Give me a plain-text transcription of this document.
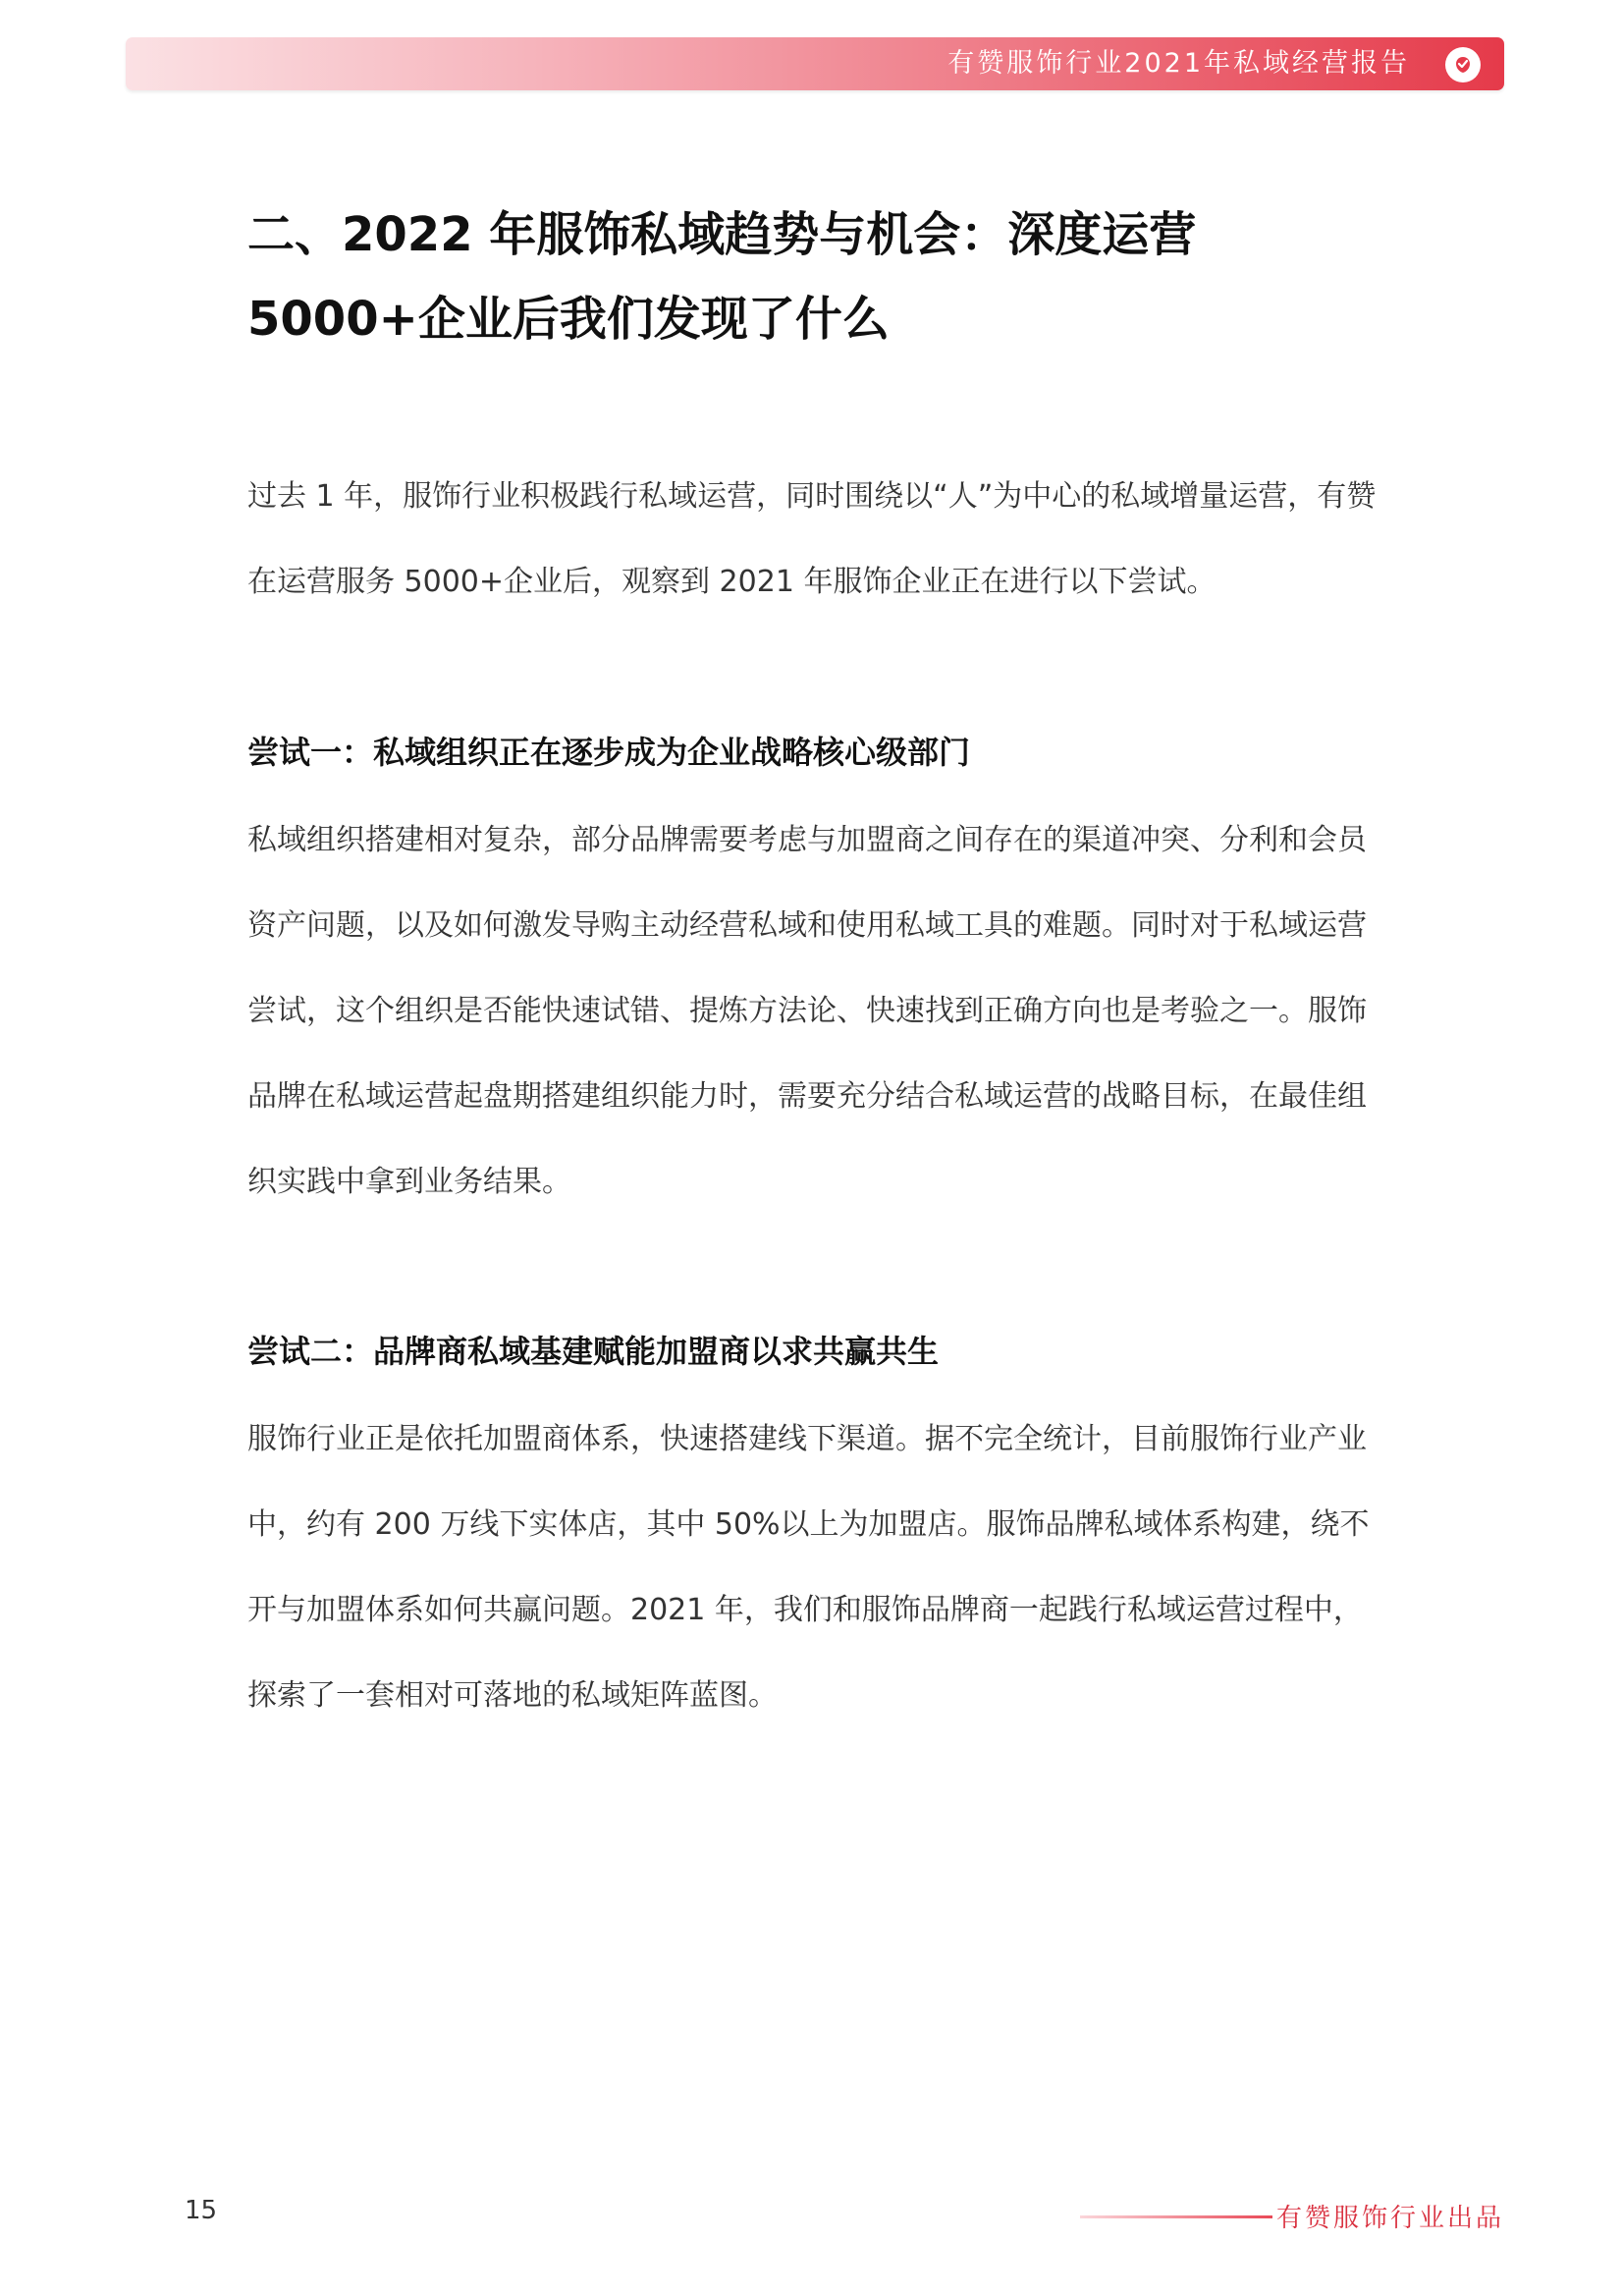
有赞服饰行业2021年私域经营报告
二、2022 年服饰私域趋势与机会：深度运营 5000+企业后我们发现了什么

过去 1 年，服饰行业积极践行私域运营，同时围绕以“人”为中心的私域增量运营，有赞在运营服务 5000+企业后，观察到 2021 年服饰企业正在进行以下尝试。

尝试一：私域组织正在逐步成为企业战略核心级部门

私域组织搭建相对复杂，部分品牌需要考虑与加盟商之间存在的渠道冲突、分利和会员资产问题，以及如何激发导购主动经营私域和使用私域工具的难题。同时对于私域运营尝试，这个组织是否能快速试错、提炼方法论、快速找到正确方向也是考验之一。服饰品牌在私域运营起盘期搭建组织能力时，需要充分结合私域运营的战略目标，在最佳组织实践中拿到业务结果。

尝试二：品牌商私域基建赋能加盟商以求共赢共生

服饰行业正是依托加盟商体系，快速搭建线下渠道。据不完全统计，目前服饰行业产业中，约有 200 万线下实体店，其中 50%以上为加盟店。服饰品牌私域体系构建，绕不开与加盟体系如何共赢问题。2021 年，我们和服饰品牌商一起践行私域运营过程中，探索了一套相对可落地的私域矩阵蓝图。

15	有赞服饰行业出品
